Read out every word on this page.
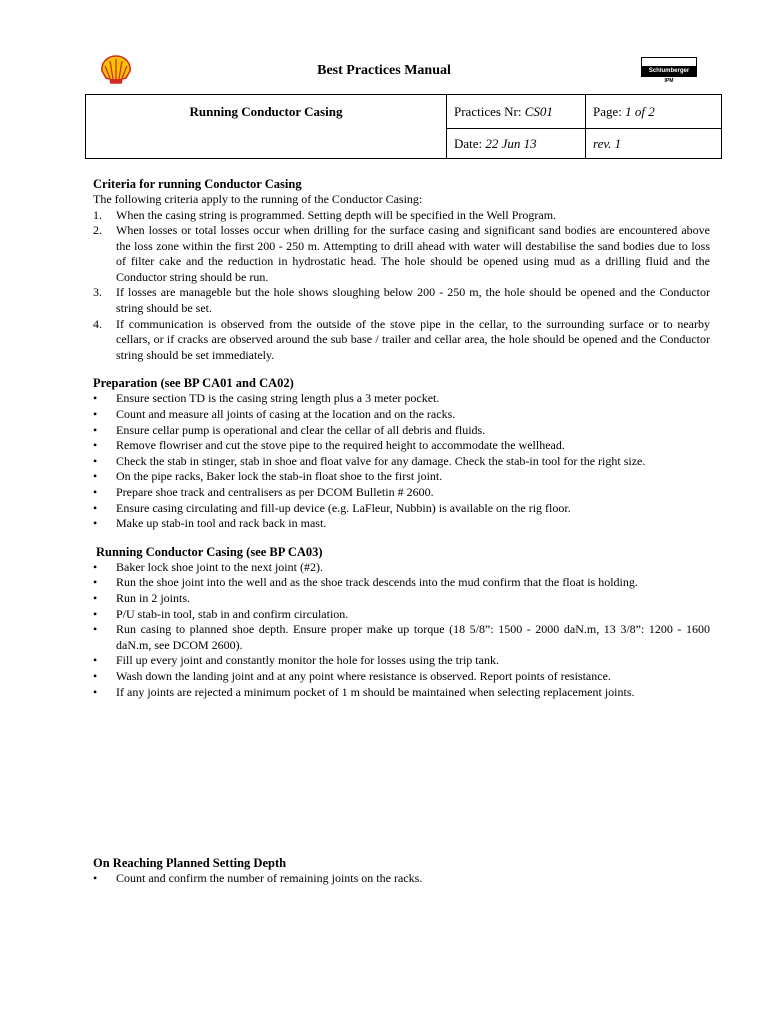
Schlumberger
IPM
Best Practices Manual
Running Conductor Casing	Practices Nr: CS01	Page: 1 of 2
	Date: 22 Jun 13	rev. 1
Criteria for running Conductor Casing
The following criteria apply to the running of the Conductor Casing:
1. When the casing string is programmed. Setting depth will be specified in the Well Program.
2. When losses or total losses occur when drilling for the surface casing and significant sand bodies are encountered above the loss zone within the first 200 - 250 m. Attempting to drill ahead with water will destabilise the sand bodies due to loss of filter cake and the reduction in hydrostatic head. The hole should be opened using mud as a drilling fluid and the Conductor string should be run.
3. If losses are manageble but the hole shows sloughing below 200 - 250 m, the hole should be opened and the Conductor string should be set.
4. If communication is observed from the outside of the stove pipe in the cellar, to the surrounding surface or to nearby cellars, or if cracks are observed around the sub base / trailer and cellar area, the hole should be opened and the Conductor string should be set immediately.
Preparation (see BP CA01 and CA02)
• Ensure section TD is the casing string length plus a 3 meter pocket.
• Count and measure all joints of casing at the location and on the racks.
• Ensure cellar pump is operational and clear the cellar of all debris and fluids.
• Remove flowriser and cut the stove pipe to the required height to accommodate the wellhead.
• Check the stab in stinger, stab in shoe and float valve for any damage. Check the stab-in tool for the right size.
• On the pipe racks, Baker lock the stab-in float shoe to the first joint.
• Prepare shoe track and centralisers as per DCOM Bulletin # 2600.
• Ensure casing circulating and fill-up device (e.g. LaFleur, Nubbin) is available on the rig floor.
• Make up stab-in tool and rack back in mast.
Running Conductor Casing (see BP CA03)
• Baker lock shoe joint to the next joint (#2).
• Run the shoe joint into the well and as the shoe track descends into the mud confirm that the float is holding.
• Run in 2 joints.
• P/U stab-in tool, stab in and confirm circulation.
• Run casing to planned shoe depth. Ensure proper make up torque (18 5/8”: 1500 - 2000 daN.m, 13 3/8”: 1200 - 1600 daN.m, see DCOM 2600).
• Fill up every joint and constantly monitor the hole for losses using the trip tank.
• Wash down the landing joint and at any point where resistance is observed. Report points of resistance.
• If any joints are rejected a minimum pocket of 1 m should be maintained when selecting replacement joints.
On Reaching Planned Setting Depth
• Count and confirm the number of remaining joints on the racks.
